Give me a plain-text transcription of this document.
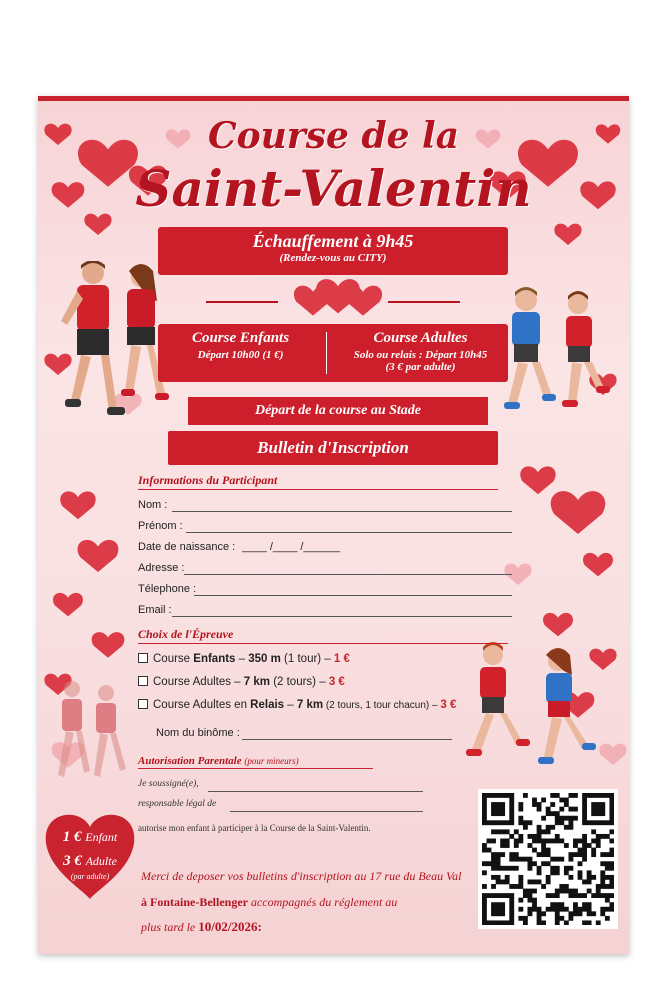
Course de la
Saint-Valentin
Échauffement à 9h45
(Rendez-vous au CITY)
Course Enfants
Départ 10h00 (1 €)
Course Adultes
Solo ou relais : Départ 10h45
(3 € par adulte)
Départ de la course au Stade
Bulletin d'Inscription
Informations du Participant
Nom :
Prénom :
Date de naissance : ____ /____ /______
Adresse :
Télephone :
Email :
Choix de l'Épreuve
Course Enfants – 350 m (1 tour) – 1 €
Course Adultes – 7 km (2 tours) – 3 €
Course Adultes en Relais – 7 km (2 tours, 1 tour chacun) – 3 €
Nom du binôme :
Autorisation Parentale (pour mineurs)
Je soussigné(e),
responsable légal de
autorise mon enfant à participer à la Course de la Saint-Valentin.
1 € Enfant
3 € Adulte
(par adulte)	Merci de deposer vos bulletins d'inscription au 17 rue du Beau Val
à Fontaine-Bellenger accompagnés du réglement au
plus tard le 10/02/2026:
